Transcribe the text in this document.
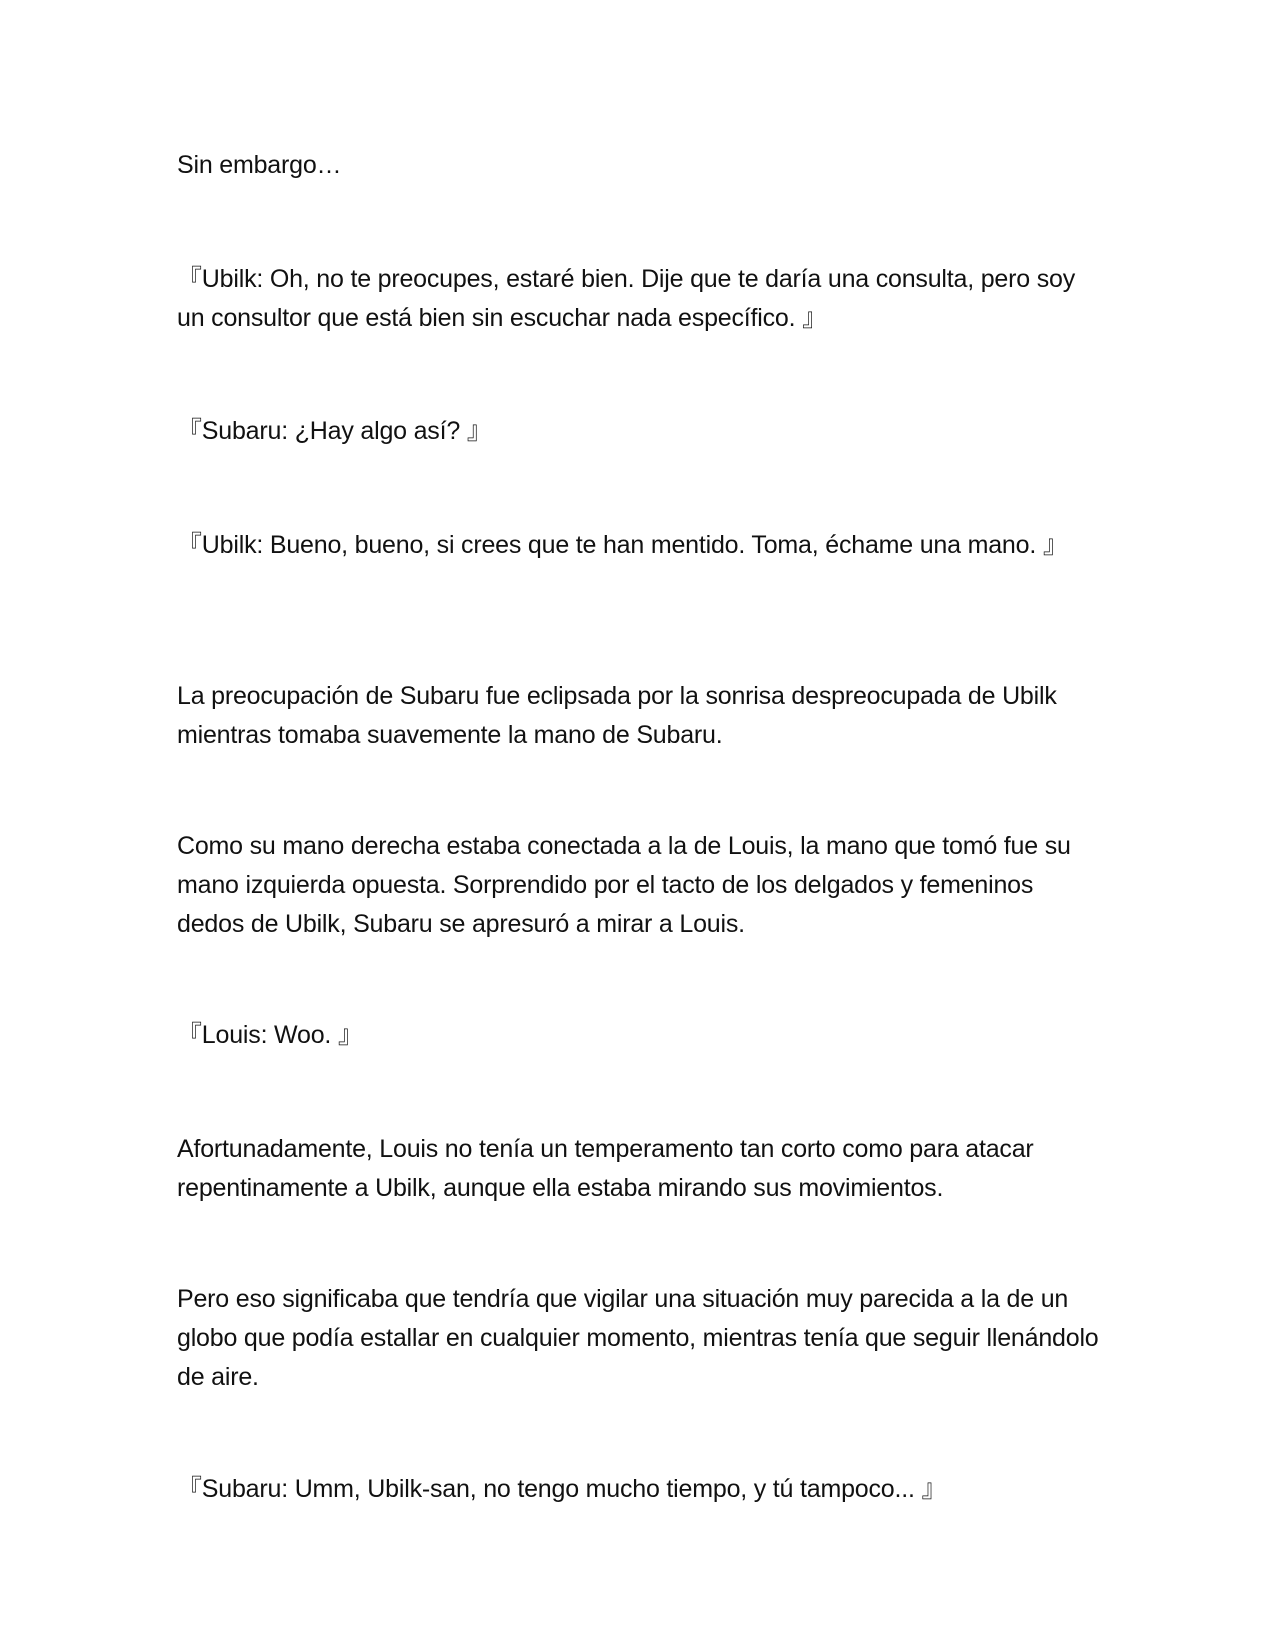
Sin embargo…

『Ubilk: Oh, no te preocupes, estaré bien. Dije que te daría una consulta, pero soy un consultor que está bien sin escuchar nada específico. 』

『Subaru: ¿Hay algo así? 』

『Ubilk: Bueno, bueno, si crees que te han mentido. Toma, échame una mano. 』

La preocupación de Subaru fue eclipsada por la sonrisa despreocupada de Ubilk mientras tomaba suavemente la mano de Subaru.

Como su mano derecha estaba conectada a la de Louis, la mano que tomó fue su mano izquierda opuesta. Sorprendido por el tacto de los delgados y femeninos dedos de Ubilk, Subaru se apresuró a mirar a Louis.

『Louis: Woo. 』

Afortunadamente, Louis no tenía un temperamento tan corto como para atacar repentinamente a Ubilk, aunque ella estaba mirando sus movimientos.

Pero eso significaba que tendría que vigilar una situación muy parecida a la de un globo que podía estallar en cualquier momento, mientras tenía que seguir llenándolo de aire.

『Subaru: Umm, Ubilk-san, no tengo mucho tiempo, y tú tampoco... 』
